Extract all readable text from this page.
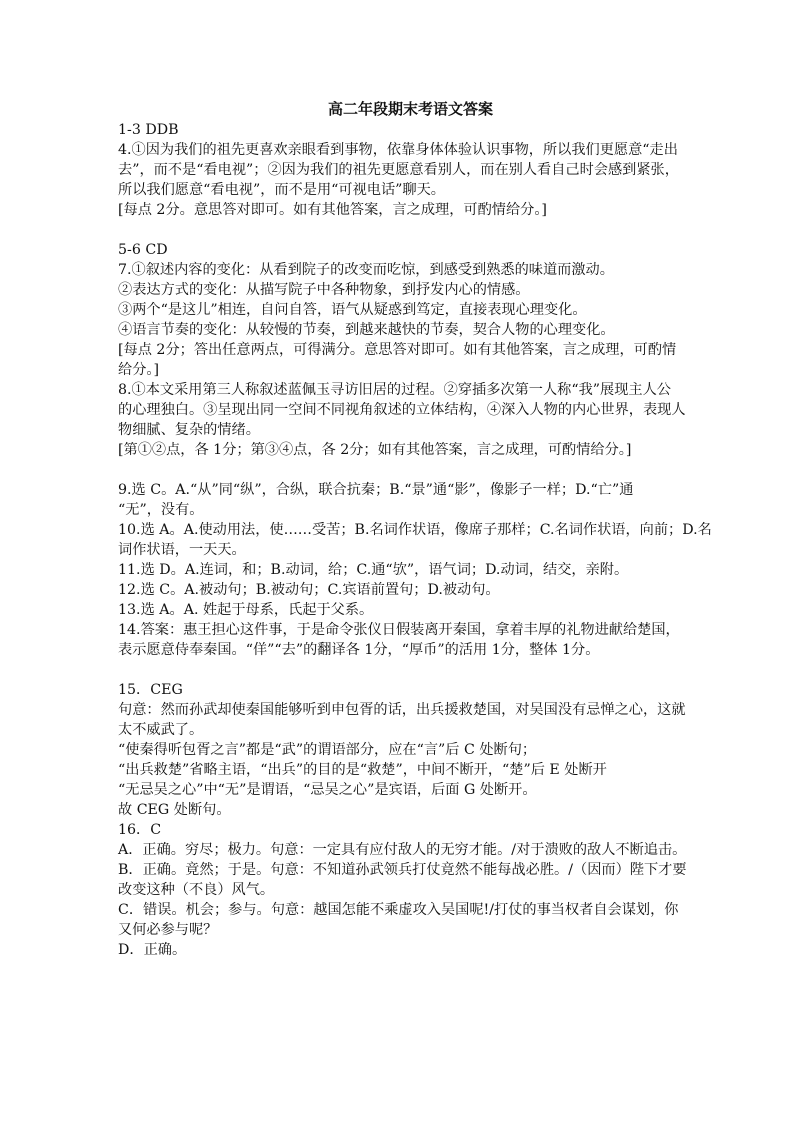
高二年段期末考语文答案
1-3 DDB
4.①因为我们的祖先更喜欢亲眼看到事物，依靠身体体验认识事物，所以我们更愿意“走出
去”，而不是“看电视”；②因为我们的祖先更愿意看别人，而在别人看自己时会感到紧张，
所以我们愿意“看电视”，而不是用“可视电话”聊天。
[每点 2分。意思答对即可。如有其他答案，言之成理，可酌情给分。]
5-6 CD
7.①叙述内容的变化：从看到院子的改变而吃惊，到感受到熟悉的味道而激动。
②表达方式的变化：从描写院子中各种物象，到抒发内心的情感。
③两个“是这儿”相连，自问自答，语气从疑惑到笃定，直接表现心理变化。
④语言节奏的变化：从较慢的节奏，到越来越快的节奏，契合人物的心理变化。
[每点 2分；答出任意两点，可得满分。意思答对即可。如有其他答案，言之成理，可酌情
给分。]
8.①本文采用第三人称叙述蓝佩玉寻访旧居的过程。②穿插多次第一人称“我”展现主人公
的心理独白。③呈现出同一空间不同视角叙述的立体结构，④深入人物的内心世界，表现人
物细腻、复杂的情绪。
[第①②点，各 1分；第③④点，各 2分；如有其他答案，言之成理，可酌情给分。]
9.选 C。A.“从”同“纵”，合纵，联合抗秦；B.“景”通“影”，像影子一样；D.“亡”通
“无”，没有。
10.选 A。A.使动用法，使……受苦；B.名词作状语，像席子那样；C.名词作状语，向前；D.名
词作状语，一天天。
11.选 D。A.连词，和；B.动词，给；C.通“欤”，语气词；D.动词，结交，亲附。
12.选 C。A.被动句；B.被动句；C.宾语前置句；D.被动句。
13.选 A。A. 姓起于母系，氏起于父系。
14.答案：惠王担心这件事，于是命令张仪日假装离开秦国，拿着丰厚的礼物进献给楚国，
表示愿意侍奉秦国。“佯”“去”的翻译各 1分，“厚币”的活用 1分，整体 1分。
15．CEG
句意：然而孙武却使秦国能够听到申包胥的话，出兵援救楚国，对吴国没有忌惮之心，这就
太不威武了。
“使秦得听包胥之言”都是“武”的谓语部分，应在“言”后 C 处断句；
“出兵救楚”省略主语，“出兵”的目的是“救楚”，中间不断开，“楚”后 E 处断开
“无忌吴之心”中“无”是谓语，“忌吴之心”是宾语，后面 G 处断开。
故 CEG 处断句。
16．C
A．正确。穷尽；极力。句意：一定具有应付敌人的无穷才能。/对于溃败的敌人不断追击。
B．正确。竟然；于是。句意：不知道孙武领兵打仗竟然不能每战必胜。/（因而）陛下才要
改变这种（不良）风气。
C．错误。机会；参与。句意：越国怎能不乘虚攻入吴国呢!/打仗的事当权者自会谋划，你
又何必参与呢？
D．正确。
